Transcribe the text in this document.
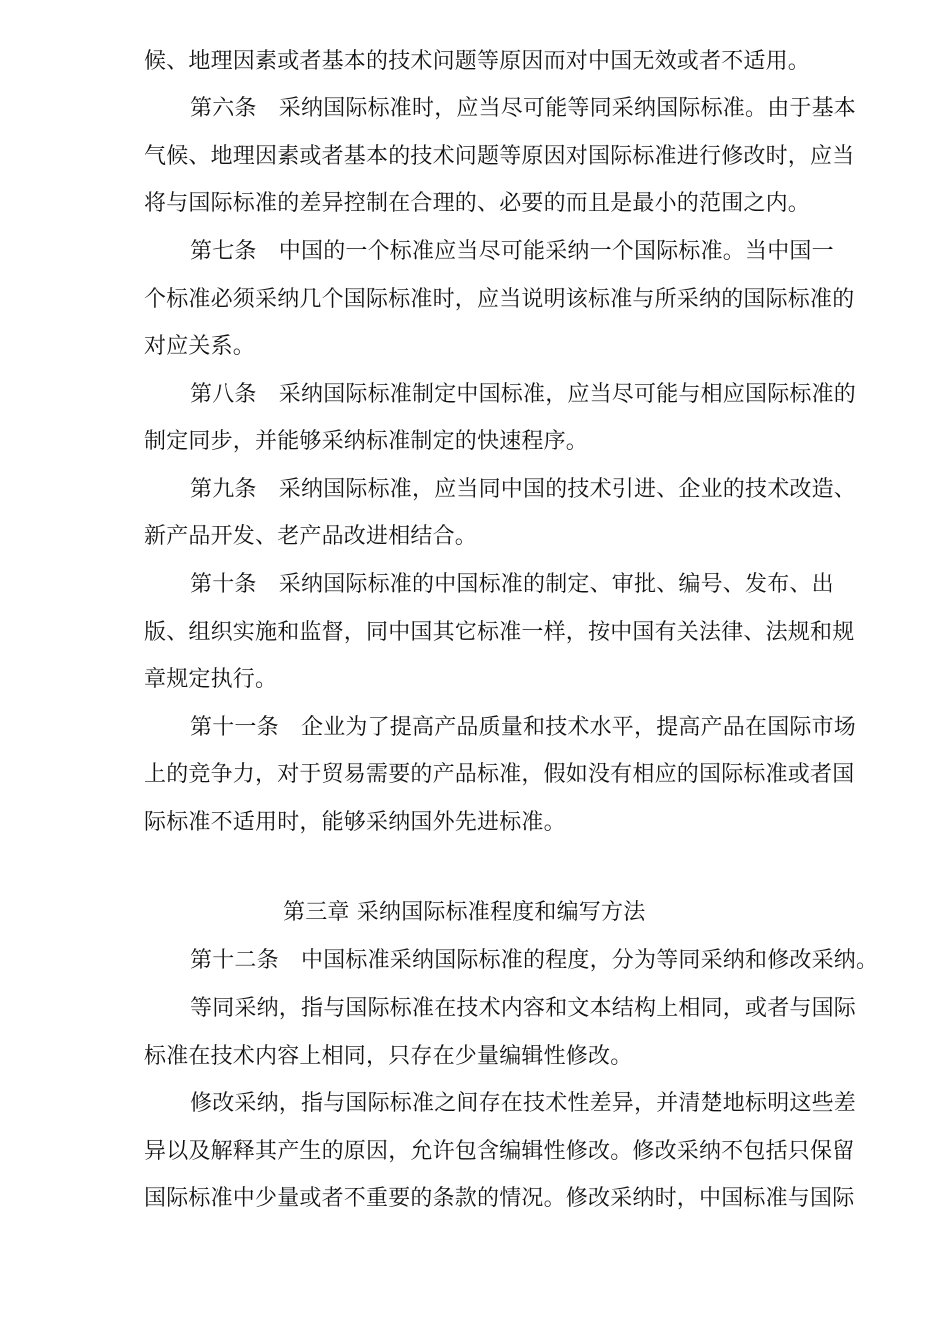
候、地理因素或者基本的技术问题等原因而对中国无效或者不适用。
第六条　采纳国际标准时，应当尽可能等同采纳国际标准。由于基本
气候、地理因素或者基本的技术问题等原因对国际标准进行修改时，应当
将与国际标准的差异控制在合理的、必要的而且是最小的范围之内。
第七条　中国的一个标准应当尽可能采纳一个国际标准。当中国一
个标准必须采纳几个国际标准时，应当说明该标准与所采纳的国际标准的
对应关系。
第八条　采纳国际标准制定中国标准，应当尽可能与相应国际标准的
制定同步，并能够采纳标准制定的快速程序。
第九条　采纳国际标准，应当同中国的技术引进、企业的技术改造、
新产品开发、老产品改进相结合。
第十条　采纳国际标准的中国标准的制定、审批、编号、发布、出
版、组织实施和监督，同中国其它标准一样，按中国有关法律、法规和规
章规定执行。
第十一条　企业为了提高产品质量和技术水平，提高产品在国际市场
上的竞争力，对于贸易需要的产品标准，假如没有相应的国际标准或者国
际标准不适用时，能够采纳国外先进标准。
第三章 采纳国际标准程度和编写方法
第十二条　中国标准采纳国际标准的程度，分为等同采纳和修改采纳。
等同采纳，指与国际标准在技术内容和文本结构上相同，或者与国际
标准在技术内容上相同，只存在少量编辑性修改。
修改采纳，指与国际标准之间存在技术性差异，并清楚地标明这些差
异以及解释其产生的原因，允许包含编辑性修改。修改采纳不包括只保留
国际标准中少量或者不重要的条款的情况。修改采纳时，中国标准与国际
